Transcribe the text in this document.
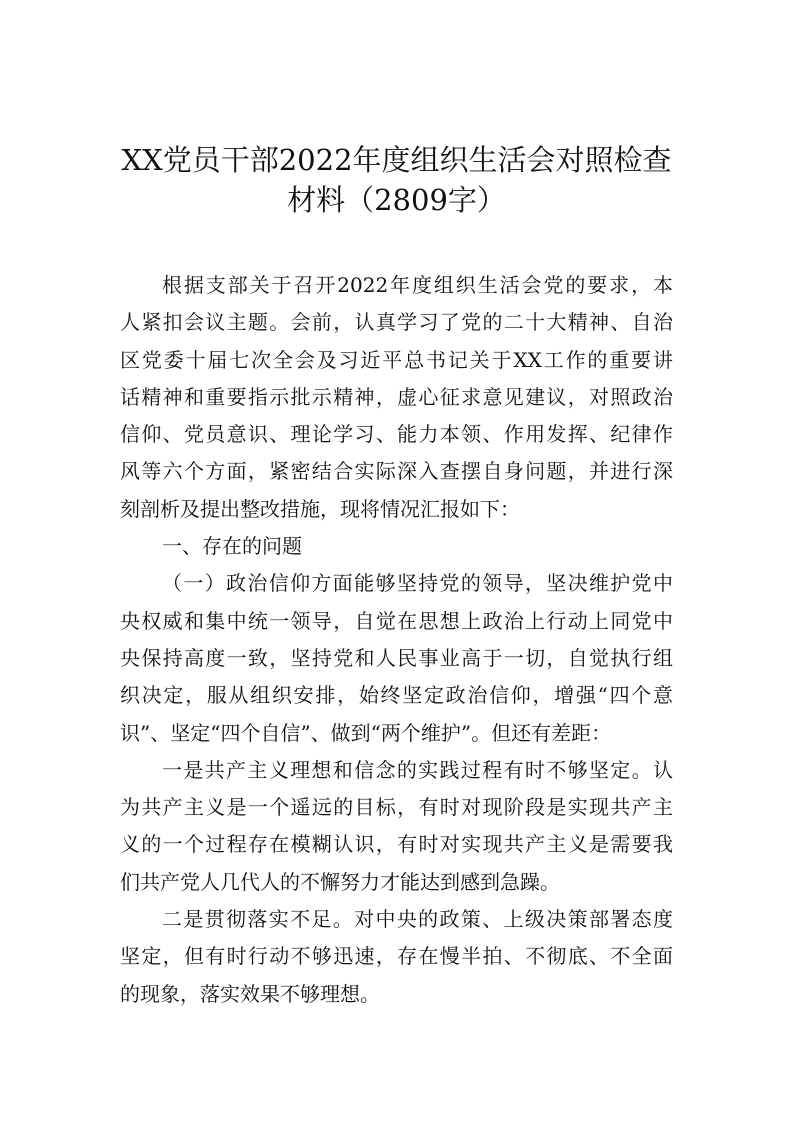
XX党员干部2022年度组织生活会对照检查
材料（2809字）
根据支部关于召开2022年度组织生活会党的要求，本
人紧扣会议主题。会前，认真学习了党的二十大精神、自治
区党委十届七次全会及习近平总书记关于XX工作的重要讲
话精神和重要指示批示精神，虚心征求意见建议，对照政治
信仰、党员意识、理论学习、能力本领、作用发挥、纪律作
风等六个方面，紧密结合实际深入查摆自身问题，并进行深
刻剖析及提出整改措施，现将情况汇报如下：
一、存在的问题
（一）政治信仰方面能够坚持党的领导，坚决维护党中
央权威和集中统一领导，自觉在思想上政治上行动上同党中
央保持高度一致，坚持党和人民事业高于一切，自觉执行组
织决定，服从组织安排，始终坚定政治信仰，增强“四个意
识”、坚定“四个自信”、做到“两个维护”。但还有差距：
一是共产主义理想和信念的实践过程有时不够坚定。认
为共产主义是一个遥远的目标，有时对现阶段是实现共产主
义的一个过程存在模糊认识，有时对实现共产主义是需要我
们共产党人几代人的不懈努力才能达到感到急躁。
二是贯彻落实不足。对中央的政策、上级决策部署态度
坚定，但有时行动不够迅速，存在慢半拍、不彻底、不全面
的现象，落实效果不够理想。
